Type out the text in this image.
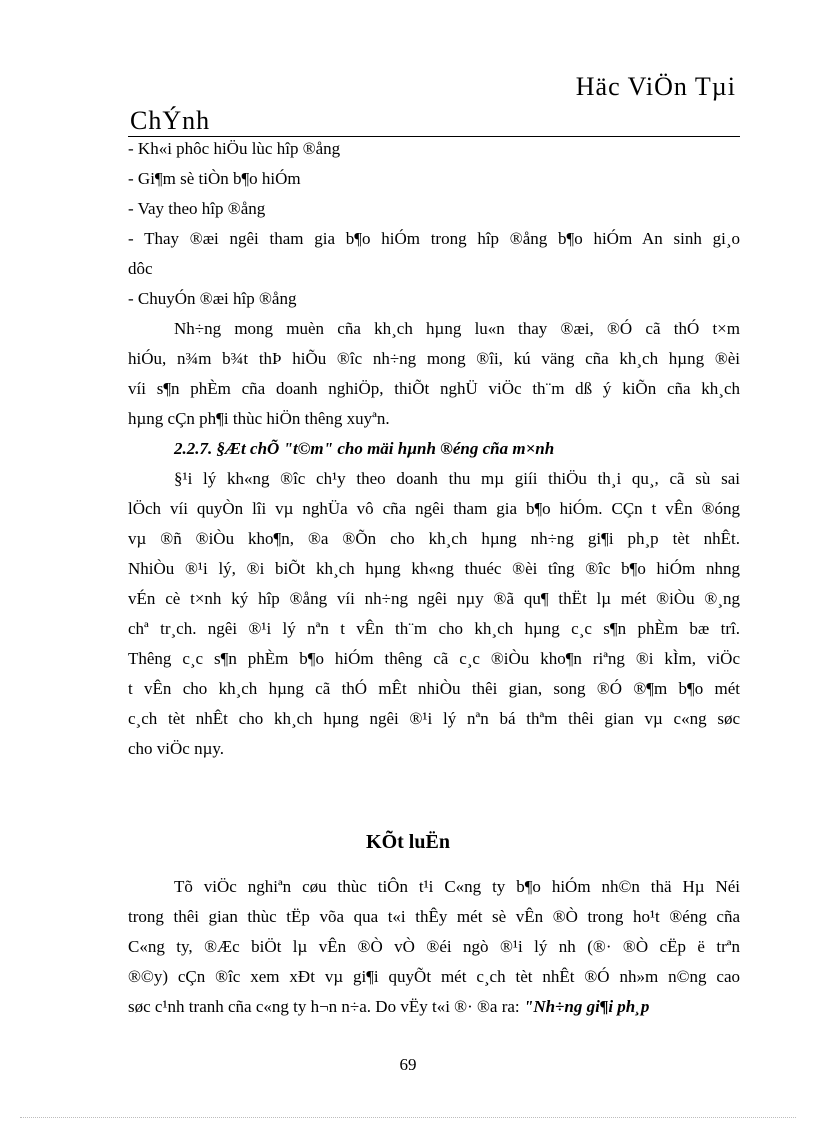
Häc ViÖn Tµi
ChÝnh
- Kh«i phôc hiÖu lùc hîp ®ång
- Gi¶m sè tiÒn b¶o hiÓm
- Vay theo hîp ®ång
- Thay ®æi ngêi tham gia b¶o hiÓm trong hîp ®ång b¶o hiÓm An sinh gi¸o
dôc
- ChuyÓn ®æi hîp ®ång
Nh÷ng mong muèn cña kh¸ch hµng lu«n thay ®æi, ®Ó cã thÓ t×m
hiÓu, n¾m b¾t thÞ hiÕu ®îc nh÷ng mong ®îi, kú väng cña kh¸ch hµng ®èi
víi s¶n phÈm cña doanh nghiÖp, thiÕt nghÜ viÖc th¨m dß ý kiÕn cña kh¸ch
hµng cÇn ph¶i thùc hiÖn thêng xuyªn.
2.2.7. §Æt chÕ "t©m" cho mäi hµnh ®éng cña m×nh
§¹i lý kh«ng ®îc ch¹y theo doanh thu mµ giíi thiÖu th¸i qu¸, cã sù sai
lÖch víi quyÒn lîi vµ nghÜa vô cña ngêi tham gia b¶o hiÓm. CÇn t vÊn ®óng
vµ ®ñ ®iÒu kho¶n, ®a ®Õn cho kh¸ch hµng nh÷ng gi¶i ph¸p tèt nhÊt.
NhiÒu ®¹i lý, ®i biÕt kh¸ch hµng kh«ng thuéc ®èi tîng ®îc b¶o hiÓm nhng
vÉn cè t×nh ký hîp ®ång víi nh÷ng ngêi nµy ®ã qu¶ thËt lµ mét ®iÒu ®¸ng
chª tr¸ch. ngêi ®¹i lý nªn t vÊn th¨m cho kh¸ch hµng c¸c s¶n phÈm bæ trî.
Thêng c¸c s¶n phÈm b¶o hiÓm thêng cã c¸c ®iÒu kho¶n riªng ®i kÌm, viÖc
t vÊn cho kh¸ch hµng cã thÓ mÊt nhiÒu thêi gian, song ®Ó ®¶m b¶o mét
c¸ch tèt nhÊt cho kh¸ch hµng ngêi ®¹i lý nªn bá thªm thêi gian vµ c«ng søc
cho viÖc nµy.
KÕt luËn
Tõ viÖc nghiªn cøu thùc tiÔn t¹i C«ng ty b¶o hiÓm nh©n thä Hµ Néi
trong thêi gian thùc tËp võa qua t«i thÊy mét sè vÊn ®Ò trong ho¹t ®éng cña
C«ng ty, ®Æc biÖt lµ vÊn ®Ò vÒ ®éi ngò ®¹i lý nh (®· ®Ò cËp ë trªn
®©y) cÇn ®îc xem xÐt vµ gi¶i quyÕt mét c¸ch tèt nhÊt ®Ó nh»m n©ng cao
søc c¹nh tranh cña c«ng ty h¬n n÷a. Do vËy t«i ®· ®a ra: "Nh÷ng gi¶i ph¸p
69
